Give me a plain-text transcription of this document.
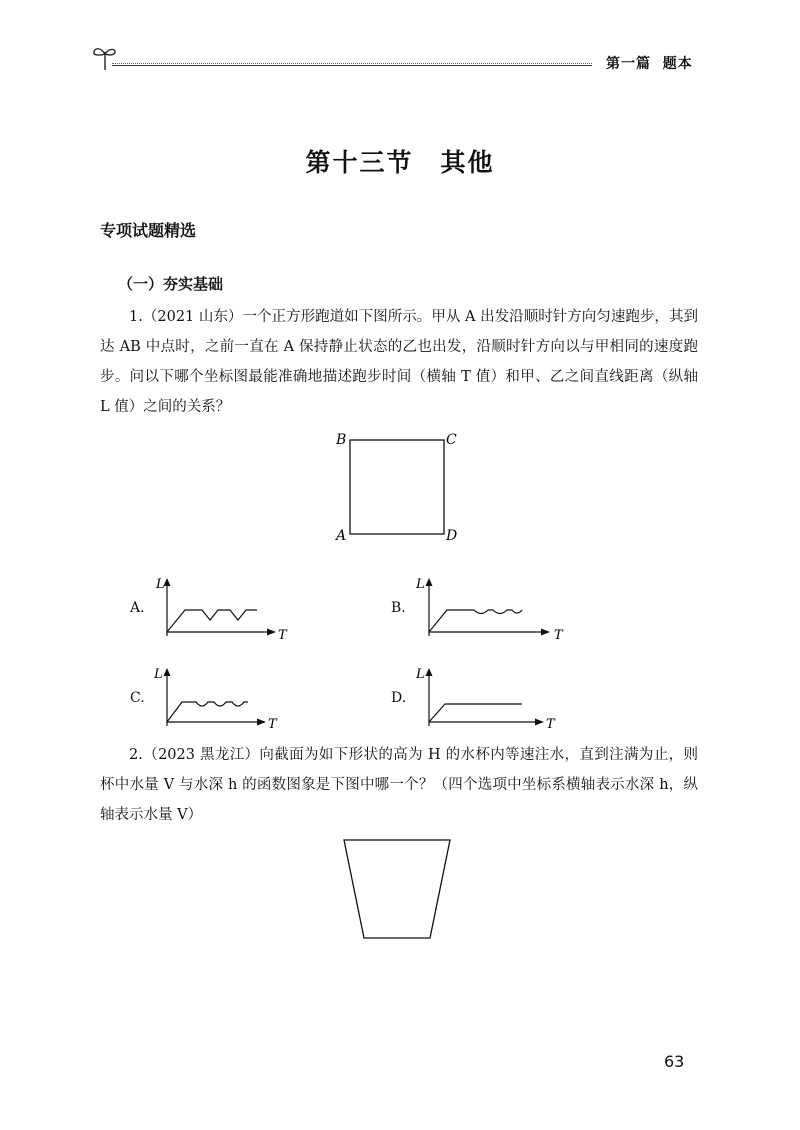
第一篇 题本
第十三节　其他
专项试题精选
（一）夯实基础
1.（2021 山东）一个正方形跑道如下图所示。甲从 A 出发沿顺时针方向匀速跑步，其到达 AB 中点时，之前一直在 A 保持静止状态的乙也出发，沿顺时针方向以与甲相同的速度跑步。问以下哪个坐标图最能准确地描述跑步时间（横轴 T 值）和甲、乙之间直线距离（纵轴 L 值）之间的关系？
B	C
A	D
A.
L
T
B.
L
T
C.
L
T
D.
L
T
2.（2023 黑龙江）向截面为如下形状的高为 H 的水杯内等速注水，直到注满为止，则杯中水量 V 与水深 h 的函数图象是下图中哪一个？（四个选项中坐标系横轴表示水深 h，纵轴表示水量 V）
63
